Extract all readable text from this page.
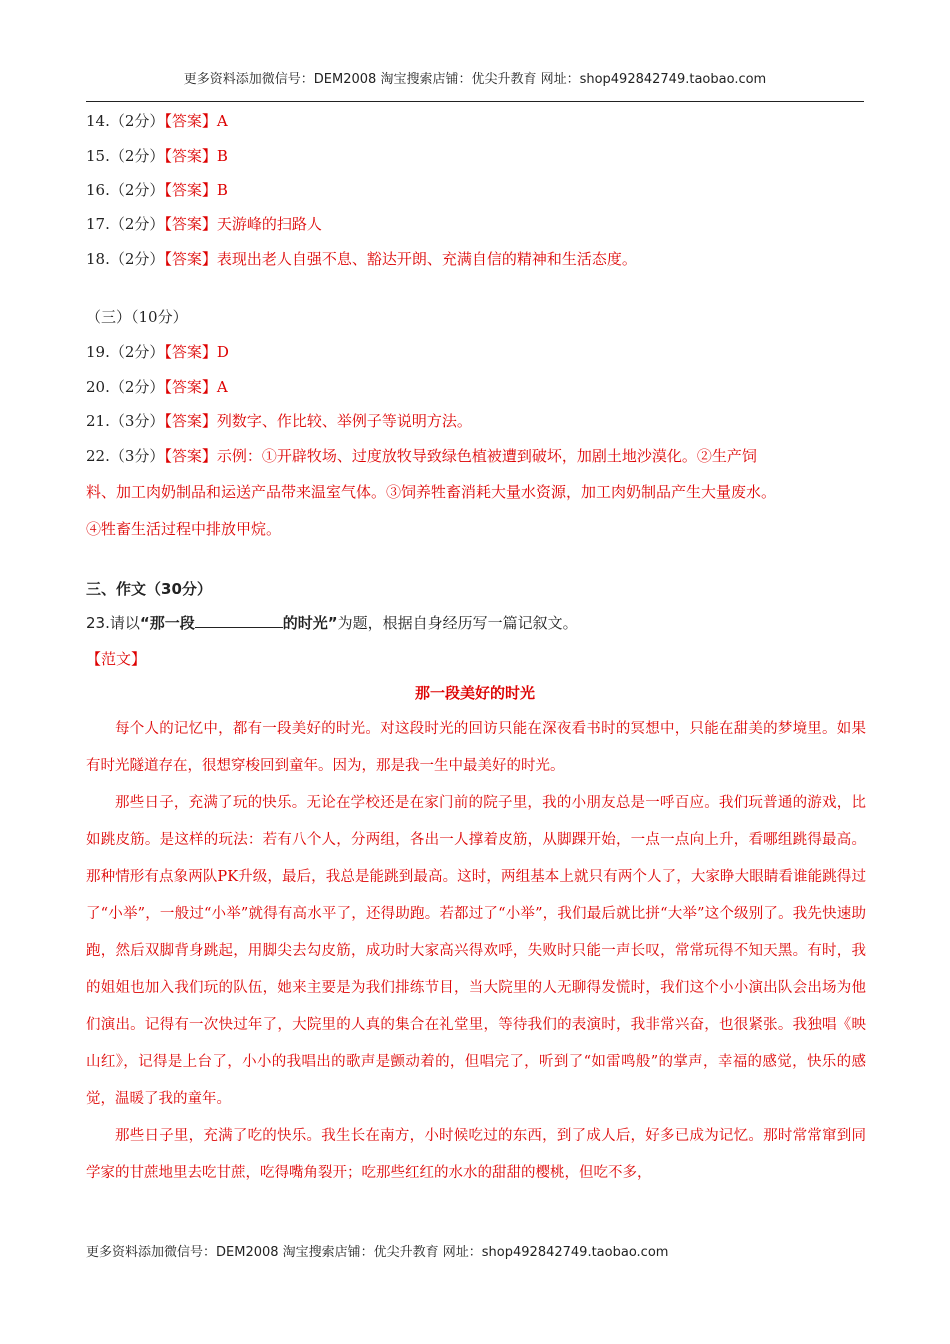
更多资料添加微信号：DEM2008 淘宝搜索店铺：优尖升教育 网址：shop492842749.taobao.com
14.（2分）【答案】A
15.（2分）【答案】B
16.（2分）【答案】B
17.（2分）【答案】天游峰的扫路人
18.（2分）【答案】表现出老人自强不息、豁达开朗、充满自信的精神和生活态度。
（三）（10分）
19.（2分）【答案】D
20.（2分）【答案】A
21.（3分）【答案】列数字、作比较、举例子等说明方法。
22.（3分）【答案】示例：①开辟牧场、过度放牧导致绿色植被遭到破坏，加剧土地沙漠化。②生产饲
料、加工肉奶制品和运送产品带来温室气体。③饲养牲畜消耗大量水资源，加工肉奶制品产生大量废水。
④牲畜生活过程中排放甲烷。
三、作文（30分）
23.请以“那一段	的时光”为题，根据自身经历写一篇记叙文。
【范文】
那一段美好的时光

每个人的记忆中，都有一段美好的时光。对这段时光的回访只能在深夜看书时的冥想中，只能在甜美的梦境里。如果有时光隧道存在，很想穿梭回到童年。因为，那是我一生中最美好的时光。

那些日子，充满了玩的快乐。无论在学校还是在家门前的院子里，我的小朋友总是一呼百应。我们玩普通的游戏，比如跳皮筋。是这样的玩法：若有八个人，分两组，各出一人撑着皮筋，从脚踝开始，一点一点向上升，看哪组跳得最高。那种情形有点象两队PK升级，最后，我总是能跳到最高。这时，两组基本上就只有两个人了，大家睁大眼睛看谁能跳得过了“小举”，一般过“小举”就得有高水平了，还得助跑。若都过了“小举”，我们最后就比拼“大举”这个级别了。我先快速助跑，然后双脚背身跳起，用脚尖去勾皮筋，成功时大家高兴得欢呼，失败时只能一声长叹，常常玩得不知天黑。有时，我的姐姐也加入我们玩的队伍，她来主要是为我们排练节目，当大院里的人无聊得发慌时，我们这个小小演出队会出场为他们演出。记得有一次快过年了，大院里的人真的集合在礼堂里，等待我们的表演时，我非常兴奋，也很紧张。我独唱《映山红》，记得是上台了，小小的我唱出的歌声是颤动着的，但唱完了，听到了“如雷鸣般”的掌声，幸福的感觉，快乐的感觉，温暖了我的童年。

那些日子里，充满了吃的快乐。我生长在南方，小时候吃过的东西，到了成人后，好多已成为记忆。那时常常窜到同学家的甘蔗地里去吃甘蔗，吃得嘴角裂开；吃那些红红的水水的甜甜的樱桃，但吃不多，

更多资料添加微信号：DEM2008 淘宝搜索店铺：优尖升教育 网址：shop492842749.taobao.com
